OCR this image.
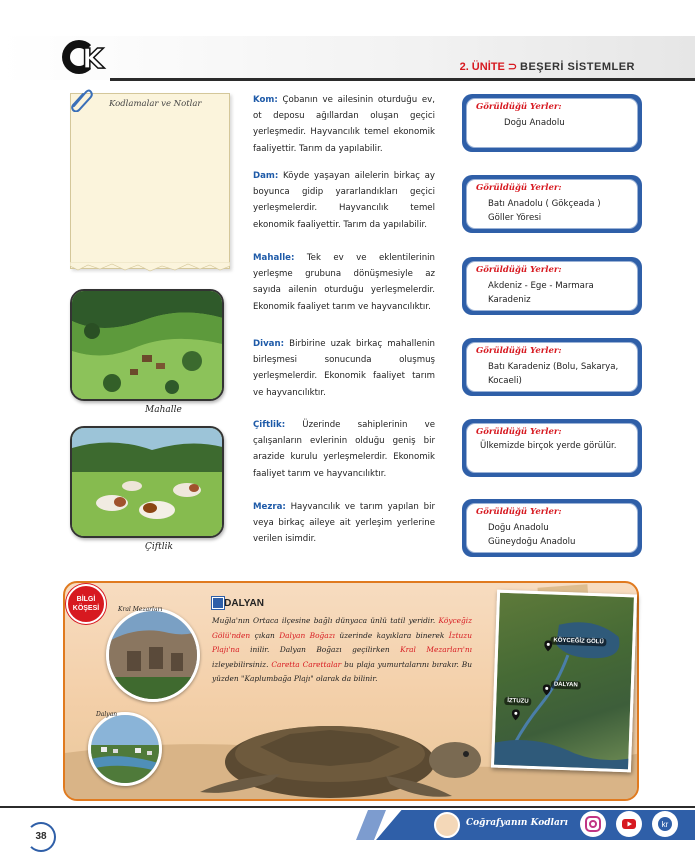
K	2. ÜNİTE ⊃ BEŞERİ SİSTEMLER
Kodlamalar ve Notlar
Mahalle
Çiftlik
Kom: Çobanın ve ailesinin oturduğu ev, ot deposu ağıllardan oluşan geçici yerleşmedir. Hayvancılık temel ekonomik faaliyettir. Tarım da yapılabilir.
Dam: Köyde yaşayan ailelerin birkaç ay boyunca gidip yararlandıkları geçici yerleşmelerdir. Hayvancılık temel ekonomik faaliyettir. Tarım da yapılabilir.
Mahalle: Tek ev ve eklentilerinin yerleşme grubuna dönüşmesiyle az sayıda ailenin oturduğu yerleşmelerdir. Ekonomik faaliyet tarım ve hayvancılıktır.
Divan: Birbirine uzak birkaç mahallenin birleşmesi sonucunda oluşmuş yerleşmelerdir. Ekonomik faaliyet tarım ve hayvancılıktır.
Çiftlik: Üzerinde sahiplerinin ve çalışanların evlerinin olduğu geniş bir arazide kurulu yerleşmelerdir. Ekonomik faaliyet tarım ve hayvancılıktır.
Mezra: Hayvancılık ve tarım yapılan bir veya birkaç aileye ait yerleşim yerlerine verilen isimdir.
Görüldüğü Yerler:
Doğu Anadolu
Görüldüğü Yerler:
Batı Anadolu ( Gökçeada )
Göller Yöresi
Görüldüğü Yerler:
Akdeniz - Ege - Marmara
Karadeniz
Görüldüğü Yerler:
Batı Karadeniz (Bolu, Sakarya,
Kocaeli)
Görüldüğü Yerler:
Ülkemizde birçok yerde görülür.
Görüldüğü Yerler:
Doğu Anadolu
Güneydoğu Anadolu
BİLGİ
KÖŞESİ	Kral Mezarları
Dalyan
DALYAN
Muğla'nın Ortaca ilçesine bağlı dünyaca ünlü tatil yeridir. Köyceğiz Gölü'nden çıkan Dalyan Boğazı üzerinde kayıklara binerek İztuzu Plajı'na inilir. Dalyan Boğazı geçilirken Kral Mezarları'nı izleyebilirsiniz. Caretta Carettalar bu plaja yumurtalarını bırakır. Bu yüzden "Kaplumbağa Plajı" olarak da bilinir.
KÖYCEĞİZ GÖLÜ
DALYAN
İZTUZU
Coğrafyanın Kodları	kr
38
